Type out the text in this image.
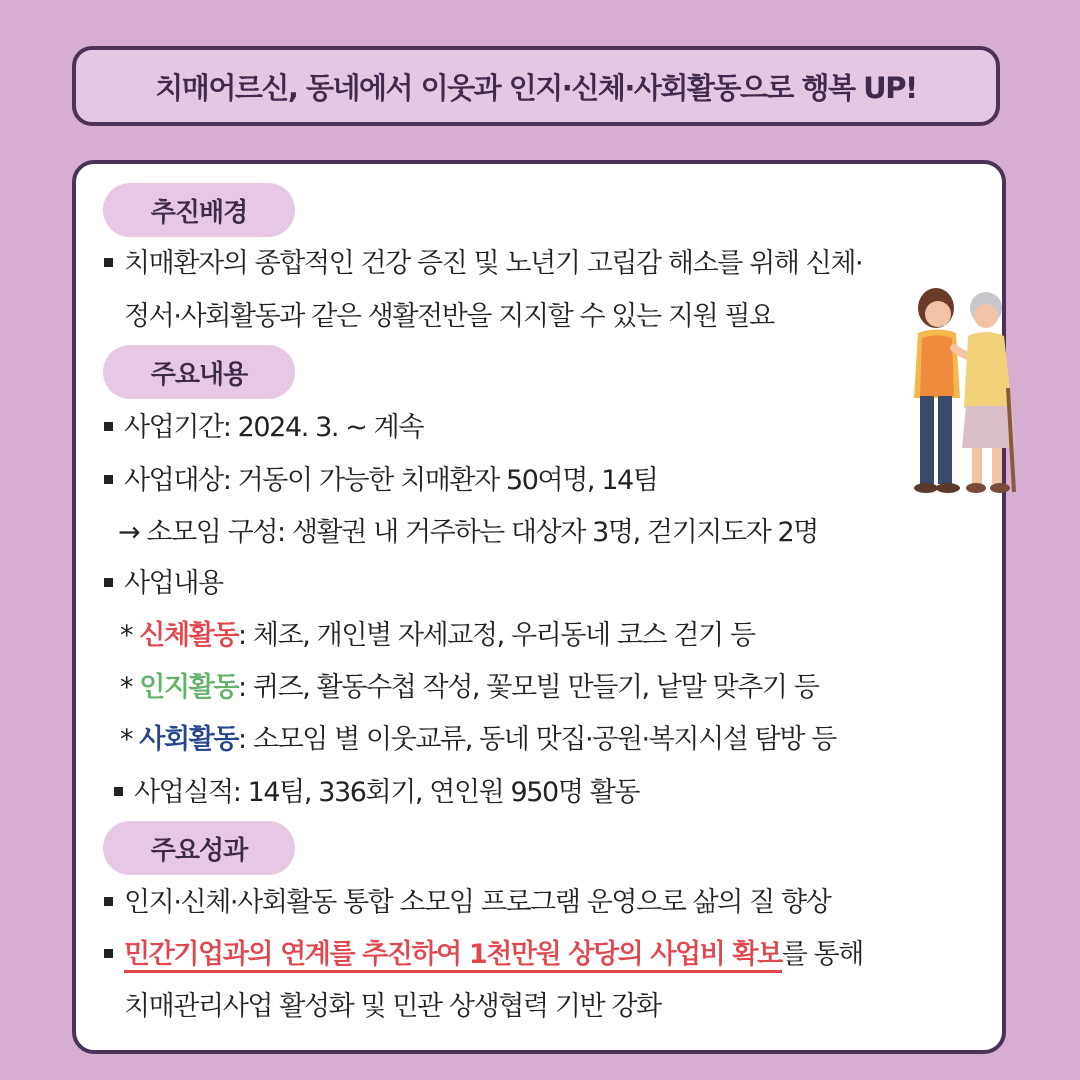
치매어르신, 동네에서 이웃과 인지·신체·사회활동으로 행복 UP!
추진배경
치매환자의 종합적인 건강 증진 및 노년기 고립감 해소를 위해 신체·
정서·사회활동과 같은 생활전반을 지지할 수 있는 지원 필요
주요내용
사업기간: 2024. 3. ~ 계속
사업대상: 거동이 가능한 치매환자 50여명, 14팀
→ 소모임 구성: 생활권 내 거주하는 대상자 3명, 걷기지도자 2명
사업내용
* 신체활동: 체조, 개인별 자세교정, 우리동네 코스 걷기 등
* 인지활동: 퀴즈, 활동수첩 작성, 꽃모빌 만들기, 낱말 맞추기 등
* 사회활동: 소모임 별 이웃교류, 동네 맛집·공원·복지시설 탐방 등
사업실적: 14팀, 336회기, 연인원 950명 활동
주요성과
인지·신체·사회활동 통합 소모임 프로그램 운영으로 삶의 질 향상
민간기업과의 연계를 추진하여 1천만원 상당의 사업비 확보를 통해
치매관리사업 활성화 및 민관 상생협력 기반 강화
